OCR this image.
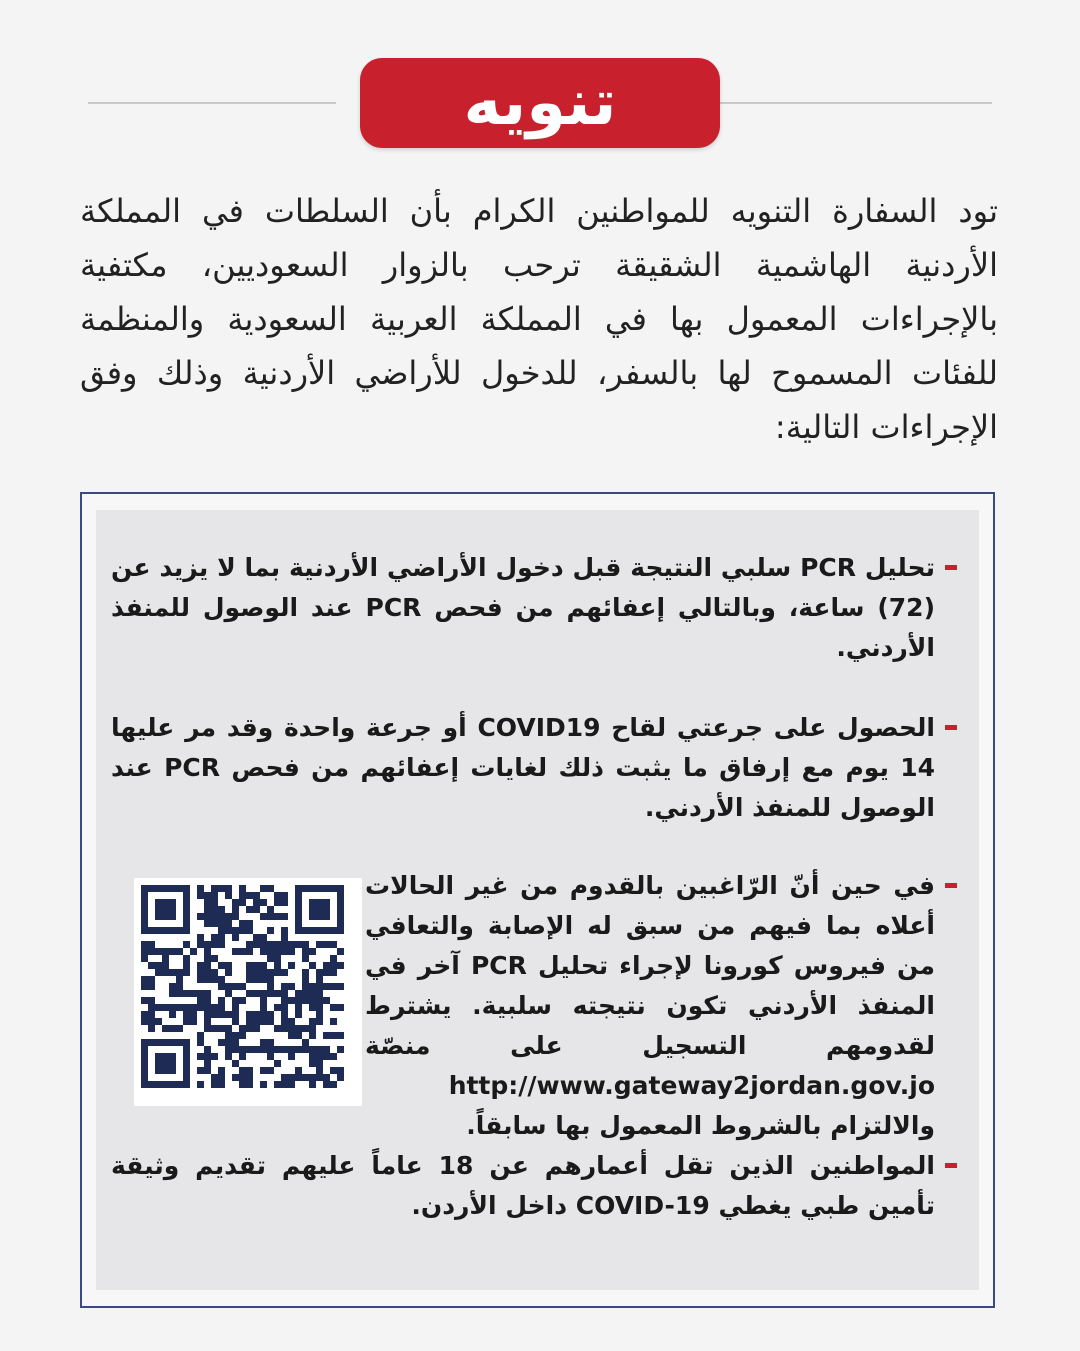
تنويه

تود السفارة التنويه للمواطنين الكرام بأن السلطات في المملكة الأردنية الهاشمية الشقيقة ترحب بالزوار السعوديين، مكتفية بالإجراءات المعمول بها في المملكة العربية السعودية والمنظمة للفئات المسموح لها بالسفر، للدخول للأراضي الأردنية وذلك وفق الإجراءات التالية:

تحليل PCR سلبي النتيجة قبل دخول الأراضي الأردنية بما لا يزيد عن (72) ساعة، وبالتالي إعفائهم من فحص PCR عند الوصول للمنفذ الأردني.
الحصول على جرعتي لقاح COVID19 أو جرعة واحدة وقد مر عليها 14 يوم مع إرفاق ما يثبت ذلك لغايات إعفائهم من فحص PCR عند الوصول للمنفذ الأردني.
في حين أنّ الرّاغبين بالقدوم من غير الحالات أعلاه بما فيهم من سبق له الإصابة والتعافي من فيروس كورونا لإجراء تحليل PCR آخر في المنفذ الأردني تكون نتيجته سلبية. يشترط لقدومهم التسجيل على منصّة http://www.gateway2jordan.gov.jo والالتزام بالشروط المعمول بها سابقاً.
المواطنين الذين تقل أعمارهم عن 18 عاماً عليهم تقديم وثيقة تأمين طبي يغطي COVID-19 داخل الأردن.
